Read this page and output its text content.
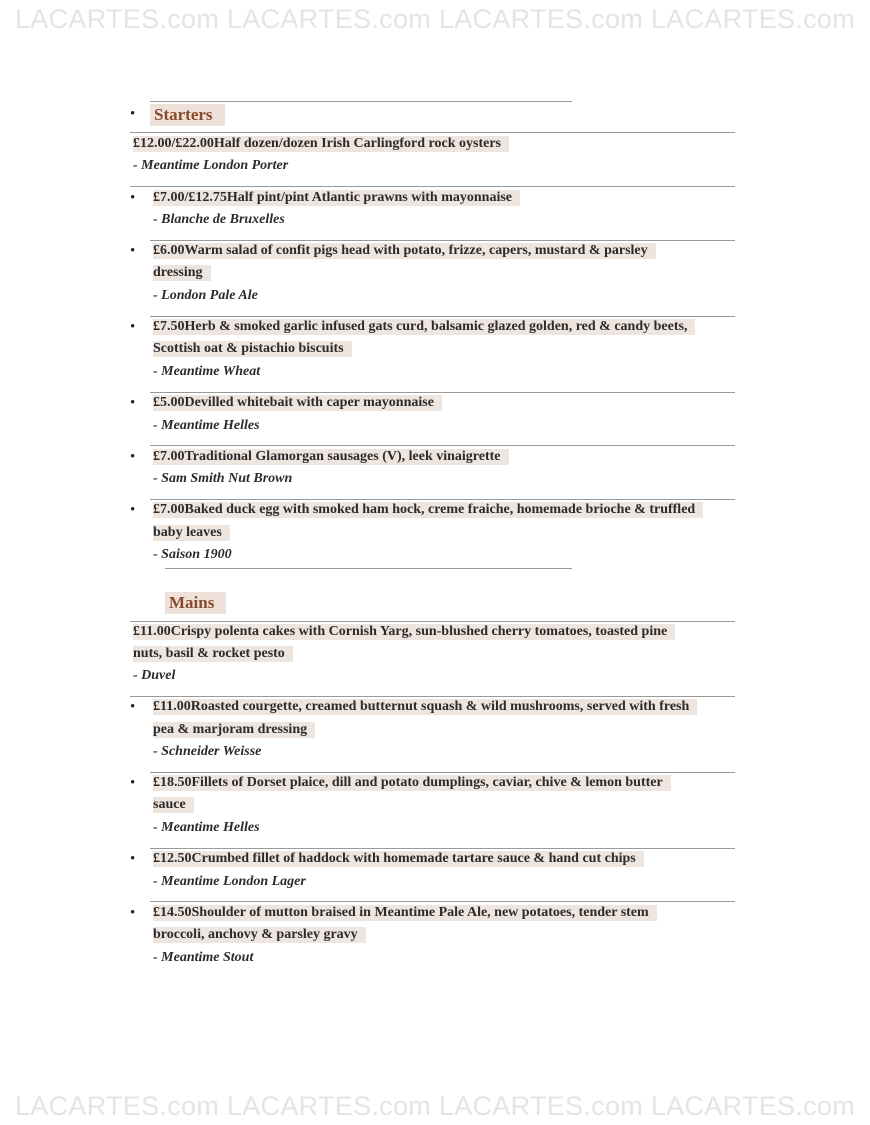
LACARTES.com LACARTES.com LACARTES.com LACARTES.com
LACARTES.com LACARTES.com LACARTES.com LACARTES.com
• Starters
£12.00/£22.00Half dozen/dozen Irish Carlingford rock oysters
- Meantime London Porter
• £7.00/£12.75Half pint/pint Atlantic prawns with mayonnaise
- Blanche de Bruxelles
• £6.00Warm salad of confit pigs head with potato, frizze, capers, mustard & parsley
dressing
- London Pale Ale
• £7.50Herb & smoked garlic infused gats curd, balsamic glazed golden, red & candy beets,
Scottish oat & pistachio biscuits
- Meantime Wheat
• £5.00Devilled whitebait with caper mayonnaise
- Meantime Helles
• £7.00Traditional Glamorgan sausages (V), leek vinaigrette
- Sam Smith Nut Brown
• £7.00Baked duck egg with smoked ham hock, creme fraiche, homemade brioche & truffled
baby leaves
- Saison 1900
Mains
£11.00Crispy polenta cakes with Cornish Yarg, sun-blushed cherry tomatoes, toasted pine
nuts, basil & rocket pesto
- Duvel
• £11.00Roasted courgette, creamed butternut squash & wild mushrooms, served with fresh
pea & marjoram dressing
- Schneider Weisse
• £18.50Fillets of Dorset plaice, dill and potato dumplings, caviar, chive & lemon butter
sauce
- Meantime Helles
• £12.50Crumbed fillet of haddock with homemade tartare sauce & hand cut chips
- Meantime London Lager
• £14.50Shoulder of mutton braised in Meantime Pale Ale, new potatoes, tender stem
broccoli, anchovy & parsley gravy
- Meantime Stout
